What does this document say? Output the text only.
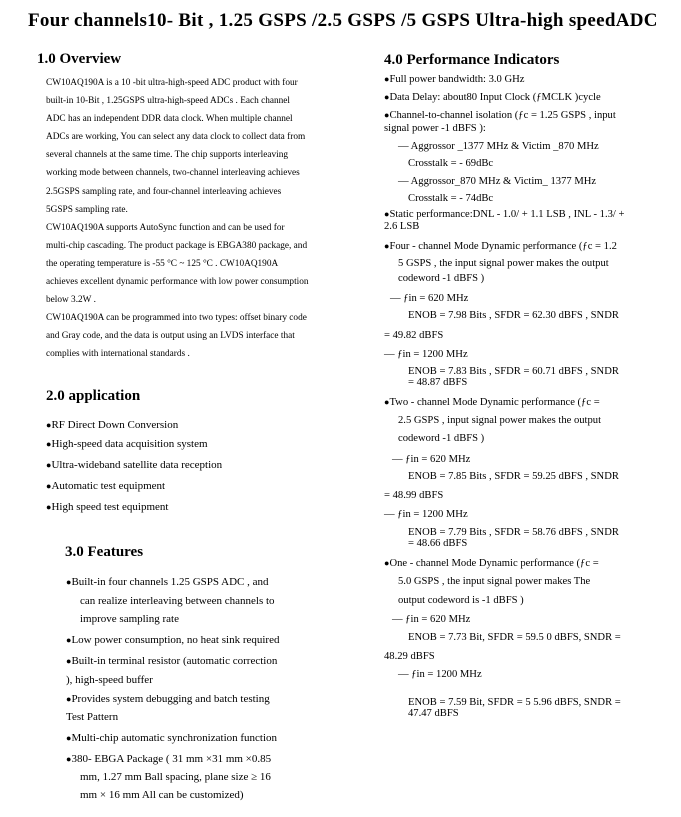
Four channels10- Bit , 1.25 GSPS /2.5 GSPS /5 GSPS Ultra-high speedADC
1.0 Overview
CW10AQ190A is a 10 -bit ultra-high-speed ADC product with four
built-in 10-Bit , 1.25GSPS ultra-high-speed ADCs . Each channel
ADC has an independent DDR data clock. When multiple channel
ADCs are working, You can select any data clock to collect data from
several channels at the same time. The chip supports interleaving
working mode between channels, two-channel interleaving achieves
2.5GSPS sampling rate, and four-channel interleaving achieves
5GSPS sampling rate.
CW10AQ190A supports AutoSync function and can be used for
multi-chip cascading. The product package is EBGA380 package, and
the operating temperature is -55 °C ~ 125 °C . CW10AQ190A
achieves excellent dynamic performance with low power consumption
below 3.2W .
CW10AQ190A can be programmed into two types: offset binary code
and Gray code, and the data is output using an LVDS interface that
complies with international standards .
2.0 application
● RF Direct Down Conversion
● High-speed data acquisition system
● Ultra-wideband satellite data reception
● Automatic test equipment
● High speed test equipment
3.0 Features
● Built-in four channels 1.25 GSPS ADC , and
can realize interleaving between channels to
improve sampling rate
● Low power consumption, no heat sink required
● Built-in terminal resistor (automatic correction
), high-speed buffer
● Provides system debugging and batch testing
Test Pattern
● Multi-chip automatic synchronization function
● 380- EBGA Package ( 31 mm ×31 mm ×0.85
mm, 1.27 mm Ball spacing, plane size ≥ 16
mm × 16 mm All can be customized)
4.0 Performance Indicators
● Full power bandwidth: 3.0 GHz
● Data Delay: about80 Input Clock (ƒMCLK )cycle
● Channel-to-channel isolation (ƒc = 1.25 GSPS , input
signal power -1 dBFS ):
— Aggrossor _1377 MHz & Victim _870 MHz
Crosstalk = - 69dBc
— Aggrossor_870 MHz & Victim_ 1377 MHz
Crosstalk = - 74dBc
● Static performance:DNL - 1.0/ + 1.1 LSB , INL - 1.3/ +
2.6 LSB
● Four - channel Mode Dynamic performance (ƒc = 1.2
5 GSPS , the input signal power makes the output
codeword -1 dBFS )
— ƒin = 620 MHz
ENOB = 7.98 Bits , SFDR = 62.30 dBFS , SNDR
= 49.82 dBFS
— ƒin = 1200 MHz
ENOB = 7.83 Bits , SFDR = 60.71 dBFS , SNDR
= 48.87 dBFS
● Two - channel Mode Dynamic performance (ƒc =
2.5 GSPS , input signal power makes the output
codeword -1 dBFS )
— ƒin = 620 MHz
ENOB = 7.85 Bits , SFDR = 59.25 dBFS , SNDR
= 48.99 dBFS
— ƒin = 1200 MHz
ENOB = 7.79 Bits , SFDR = 58.76 dBFS , SNDR
= 48.66 dBFS
● One - channel Mode Dynamic performance (ƒc =
5.0 GSPS , the input signal power makes The
output codeword is -1 dBFS )
— ƒin = 620 MHz
ENOB = 7.73 Bit, SFDR = 59.5 0 dBFS, SNDR =
48.29 dBFS
— ƒin = 1200 MHz
ENOB = 7.59 Bit, SFDR = 5 5.96 dBFS, SNDR =
47.47 dBFS
